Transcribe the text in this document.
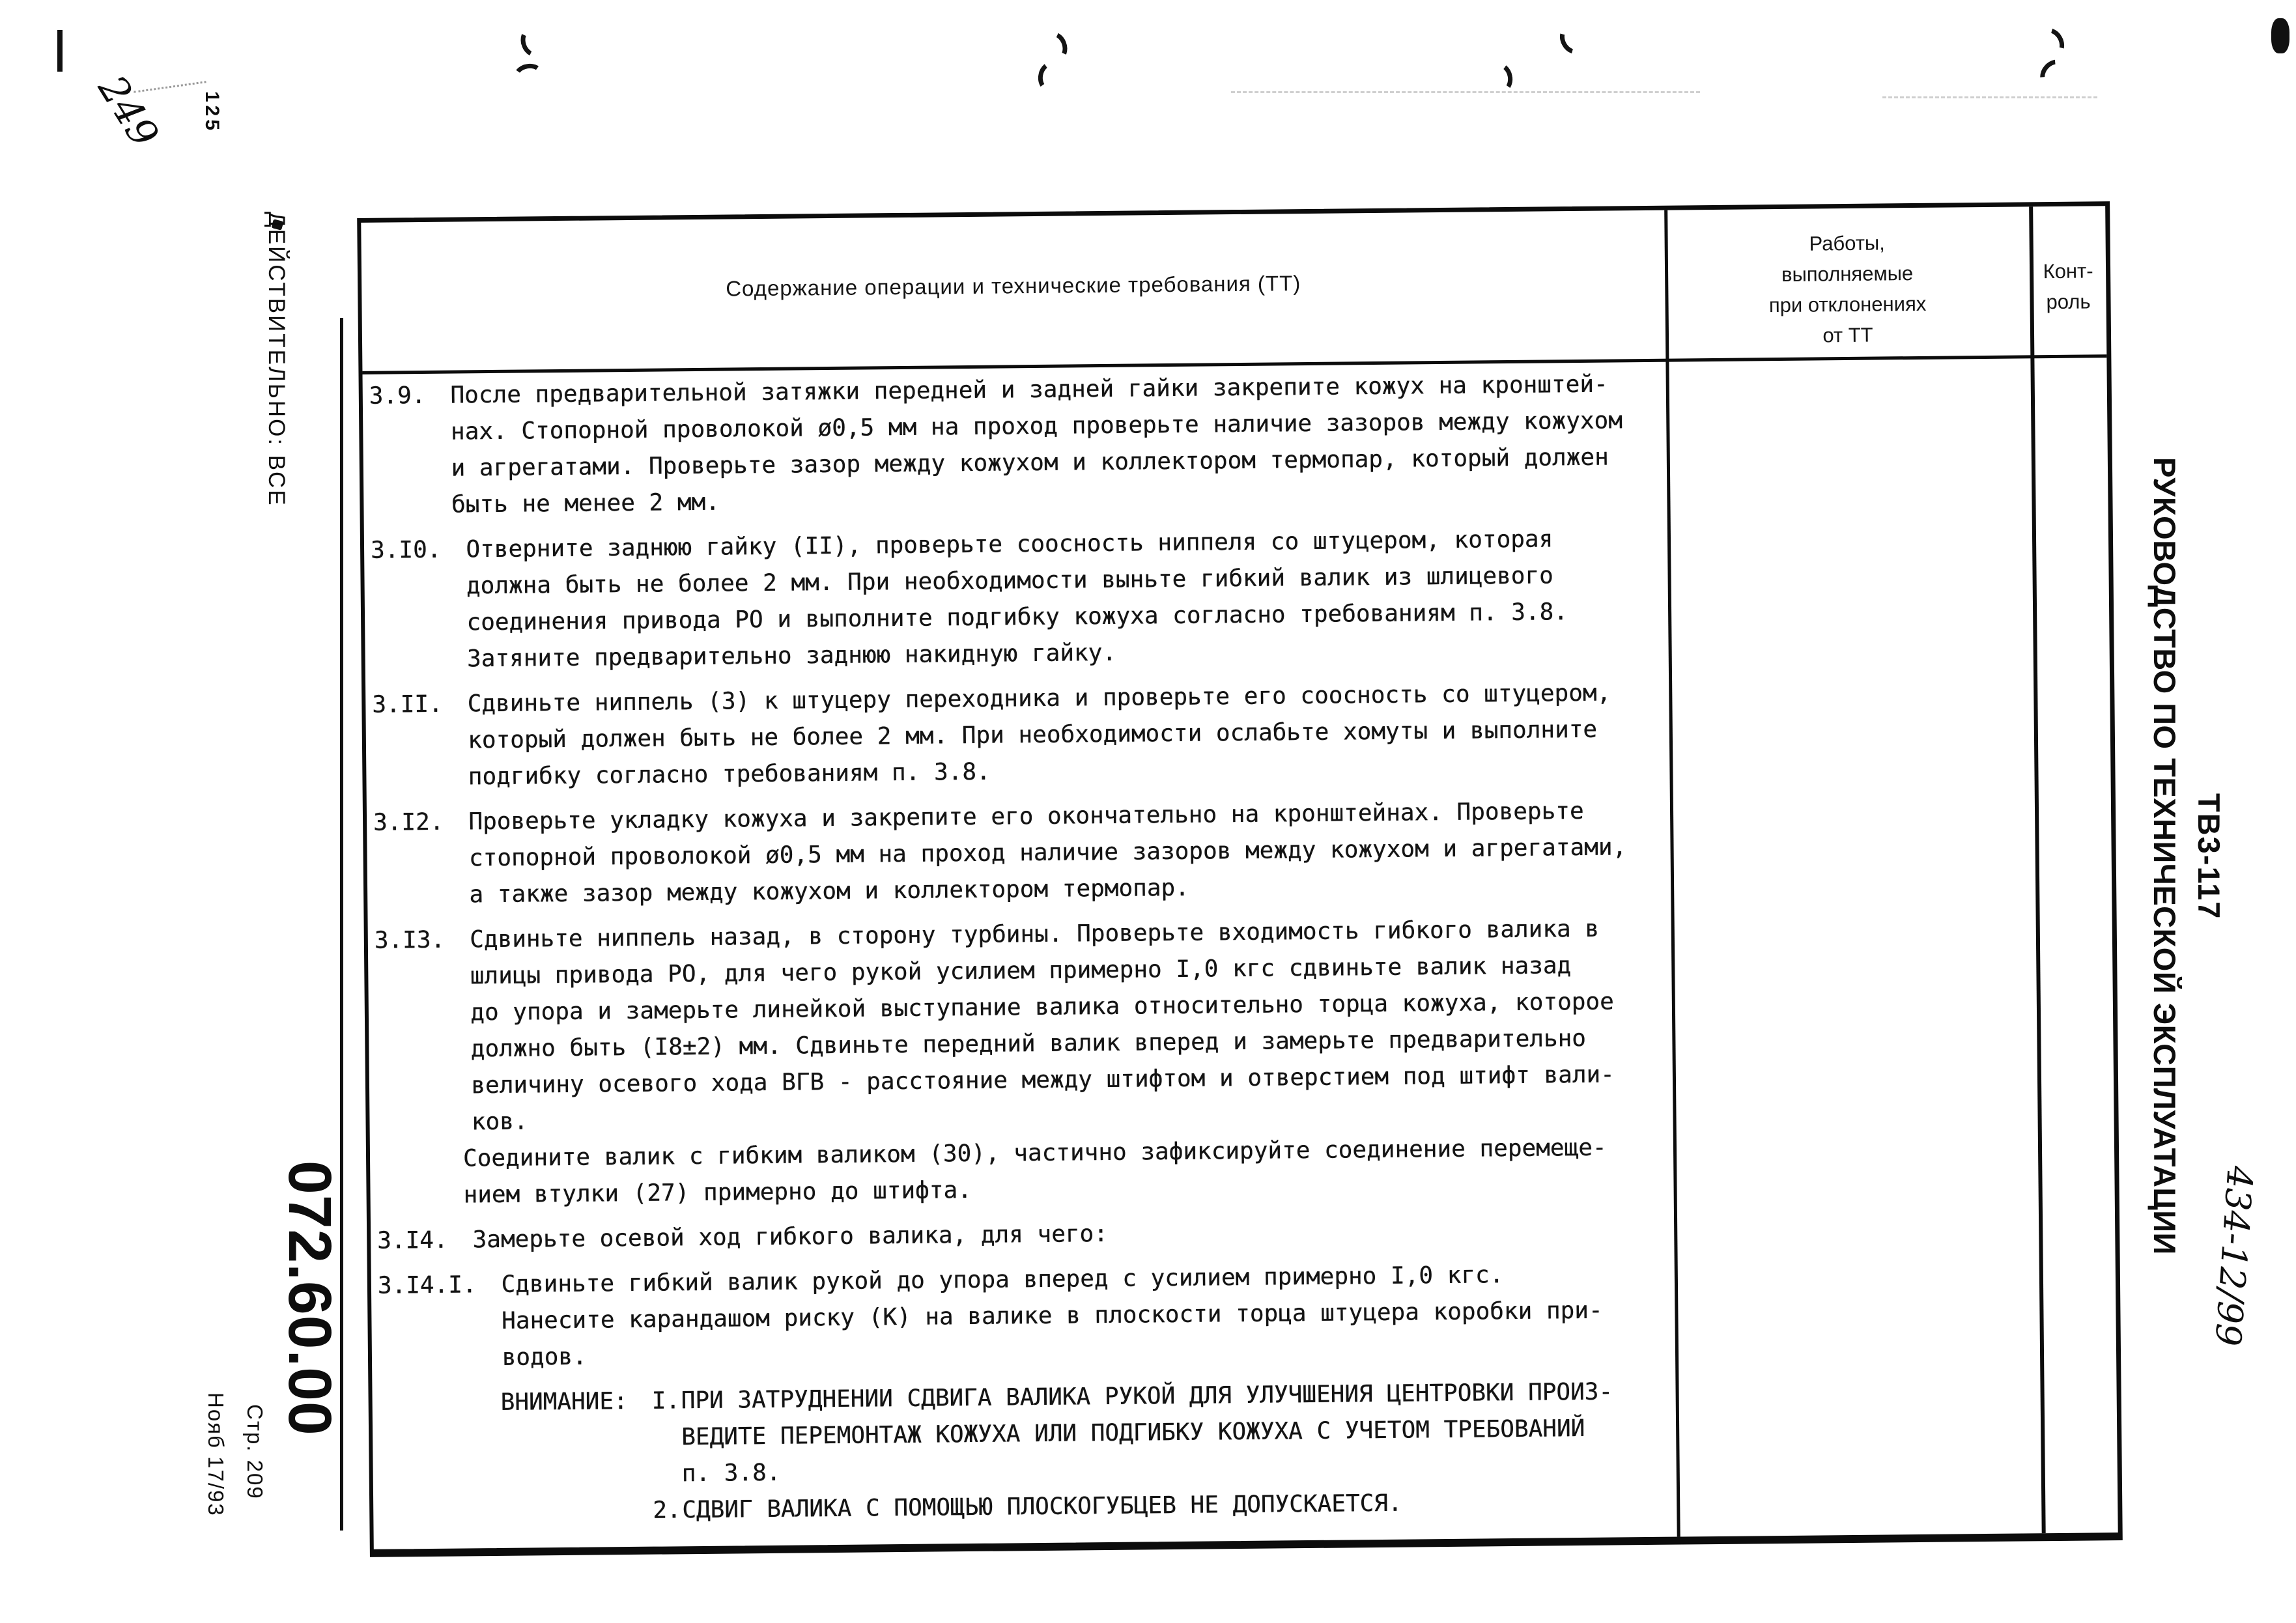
249 125
ДЕЙСТВИТЕЛЬНО: ВСЕ
072.60.00
Стр. 209
Нояб 17/93
РУКОВОДСТВО ПО ТЕХНИЧЕСКОЙ ЭКСПЛУАТАЦИИ ТВ3-117
434-12/99
Содержание операции и технические требования (ТТ)
Работы,
выполняемые
при отклонениях
от ТТ
Конт-
роль
3.9. После предварительной затяжки передней и задней гайки закрепите кожух на кронштей-
нах. Стопорной проволокой ø0,5 мм на проход проверьте наличие зазоров между кожухом
и агрегатами. Проверьте зазор между кожухом и коллектором термопар, который должен
быть не менее 2 мм.
3.I0. Отверните заднюю гайку (II), проверьте соосность ниппеля со штуцером, которая
должна быть не более 2 мм. При необходимости выньте гибкий валик из шлицевого
соединения привода РО и выполните подгибку кожуха согласно требованиям п. 3.8.
Затяните предварительно заднюю накидную гайку.
3.II. Сдвиньте ниппель (3) к штуцеру переходника и проверьте его соосность со штуцером,
который должен быть не более 2 мм. При необходимости ослабьте хомуты и выполните
подгибку согласно требованиям п. 3.8.
3.I2. Проверьте укладку кожуха и закрепите его окончательно на кронштейнах. Проверьте
стопорной проволокой ø0,5 мм на проход наличие зазоров между кожухом и агрегатами,
а также зазор между кожухом и коллектором термопар.
3.I3. Сдвиньте ниппель назад, в сторону турбины. Проверьте входимость гибкого валика в
шлицы привода РО, для чего рукой усилием примерно I,0 кгс сдвиньте валик назад
до упора и замерьте линейкой выступание валика относительно торца кожуха, которое
должно быть (I8±2) мм. Сдвиньте передний валик вперед и замерьте предварительно
величину осевого хода ВГВ - расстояние между штифтом и отверстием под штифт вали-
ков.
Соедините валик с гибким валиком (30), частично зафиксируйте соединение перемеще-
нием втулки (27) примерно до штифта.
3.I4. Замерьте осевой ход гибкого валика, для чего:
3.I4.I. Сдвиньте гибкий валик рукой до упора вперед с усилием примерно I,0 кгс.
Нанесите карандашом риску (К) на валике в плоскости торца штуцера коробки при-
водов.
ВНИМАНИЕ: I. ПРИ ЗАТРУДНЕНИИ СДВИГА ВАЛИКА РУКОЙ ДЛЯ УЛУЧШЕНИЯ ЦЕНТРОВКИ ПРОИЗ-
ВЕДИТЕ ПЕРЕМОНТАЖ КОЖУХА ИЛИ ПОДГИБКУ КОЖУХА С УЧЕТОМ ТРЕБОВАНИЙ
п. 3.8.
2. СДВИГ ВАЛИКА С ПОМОЩЬЮ ПЛОСКОГУБЦЕВ НЕ ДОПУСКАЕТСЯ.
